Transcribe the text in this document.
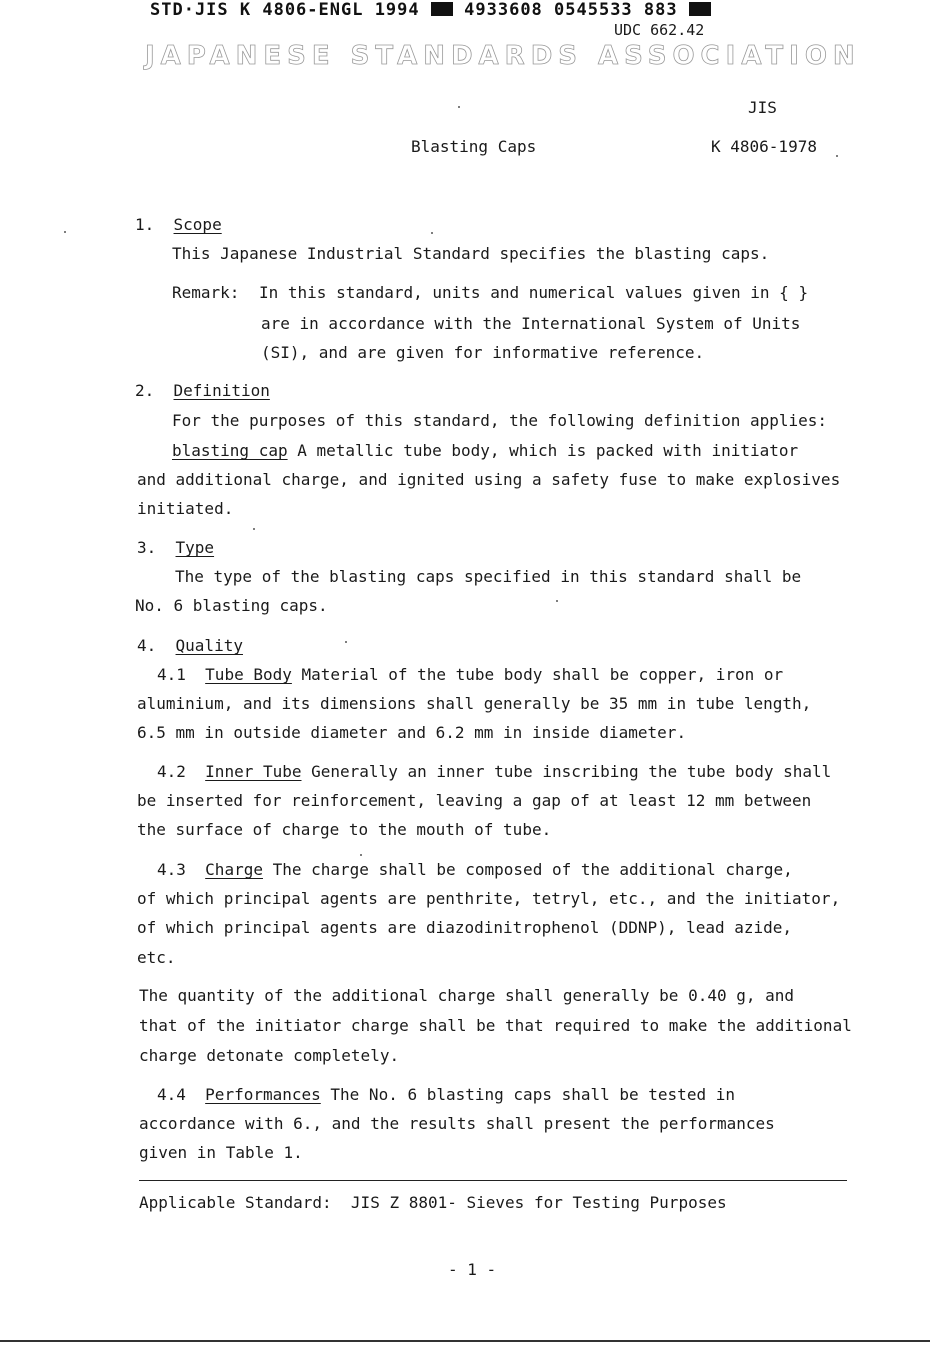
STD·JIS K 4806-ENGL 1994	4933608 0545533 883
UDC 662.42
JAPANESE STANDARDS ASSOCIATION
JIS
Blasting Caps	K 4806-1978
1. Scope
This Japanese Industrial Standard specifies the blasting caps.
Remark: In this standard, units and numerical values given in { }
are in accordance with the International System of Units
(SI), and are given for informative reference.
2. Definition
For the purposes of this standard, the following definition applies:
blasting cap A metallic tube body, which is packed with initiator
and additional charge, and ignited using a safety fuse to make explosives
initiated.
3. Type
The type of the blasting caps specified in this standard shall be
No. 6 blasting caps.
4. Quality
4.1 Tube Body Material of the tube body shall be copper, iron or
aluminium, and its dimensions shall generally be 35 mm in tube length,
6.5 mm in outside diameter and 6.2 mm in inside diameter.
4.2 Inner Tube Generally an inner tube inscribing the tube body shall
be inserted for reinforcement, leaving a gap of at least 12 mm between
the surface of charge to the mouth of tube.
4.3 Charge The charge shall be composed of the additional charge,
of which principal agents are penthrite, tetryl, etc., and the initiator,
of which principal agents are diazodinitrophenol (DDNP), lead azide,
etc.
The quantity of the additional charge shall generally be 0.40 g, and
that of the initiator charge shall be that required to make the additional
charge detonate completely.
4.4 Performances The No. 6 blasting caps shall be tested in
accordance with 6., and the results shall present the performances
given in Table 1.
Applicable Standard:  JIS Z 8801- Sieves for Testing Purposes
- 1 -
